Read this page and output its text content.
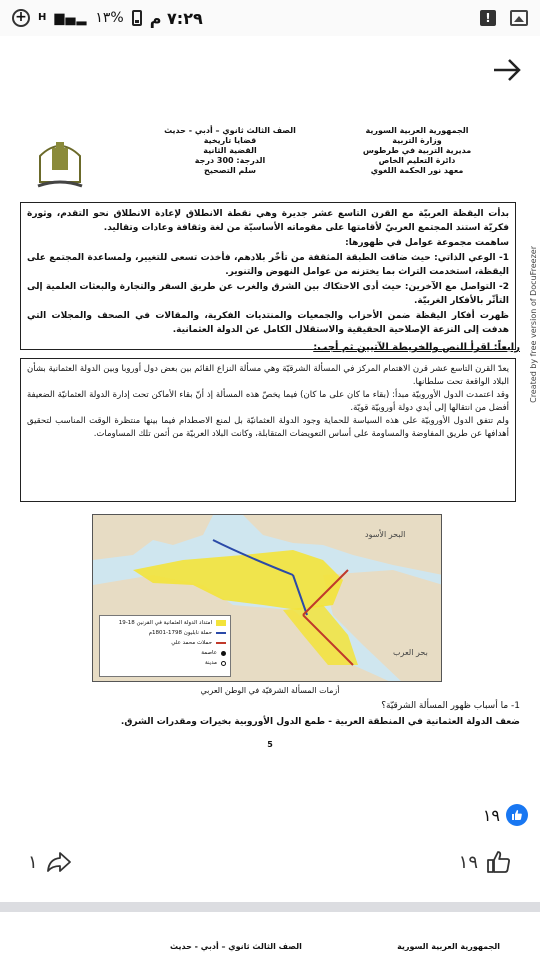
٧:٢٩ م
%١٣
▂▄▆
H
+	!
Created by free version of DocuFreezer
الجمهورية العربية السورية
وزارة التربية
مديرية التربية في طرطوس
دائرة التعليم الخاص
معهد نور الحكمة اللغوي
الصف الثالث ثانوي – أدبي - حديث
قضايا تاريخية
القضية الثانية
الدرجة: 300 درجة
سلم التصحيح

بدأت اليقظة العربيّة مع القرن التاسع عشر جديرة وهي نقطة الانطلاق لإعادة الانطلاق نحو التقدم، وثورة فكريّة استند المجتمع العربيّ لأقامتها على مقوماته الأساسيّة من لغة وثقافة وعادات وتقاليد.

ساهمت مجموعة عوامل في ظهورها:

1- الوعي الذاتي: حيث ضاقت الطبقة المثقفة من تأخّر بلادهم، فأخذت تسعى للتغيير، ولمساعدة المجتمع على اليقظة، استخدمت التراث بما يختزنه من عوامل النهوض والتنوير.

2- التواصل مع الآخرين: حيث أدى الاحتكاك بين الشرق والغرب عن طريق السفر والتجارة والبعثات العلمية إلى التأثّر بالأفكار الغربيّة.

ظهرت أفكار اليقظة ضمن الأحزاب والجمعيات والمنتديات الفكرية، والمقالات في الصحف والمجلات التي هدفت إلى النزعة الإصلاحية الحقيقية والاستقلال الكامل عن الدولة العثمانية.

رابعاً: اقرأ النص والخريطة الآتيين ثم أجب:

يعدّ القرن التاسع عشر قرن الاهتمام المركز في المسألة الشرقيّة وهي مسألة النزاع القائم بين بعض دول أوروبا وبين الدولة العثمانية بشأن البلاد الواقعة تحت سلطانها.

وقد اعتمدت الدول الأوروبيّة مبدأ: (بقاء ما كان على ما كان) فيما يخصّ هذه المسألة إذ أنّ بقاء الأماكن تحت إدارة الدولة العثمانيّة الضعيفة أفضل من انتقالها إلى أيدي دولة أوروبيّة قويّة.

ولم تتفق الدول الأوروبيّة على هذه السياسة للحماية وجود الدولة العثمانيّة بل لمنع الاصطدام فيما بينها منتظرة الوقت المناسب لتحقيق أهدافها عن طريق المفاوضة والمساومة على أساس التعويضات المتقابلة، وكانت البلاد العربيّة من أثمن تلك المساومات.

البحر الأسود
بحر العرب
امتداد الدولة العثمانية في القرنين 18-19
حملة نابليون 1798-1801م
حملات محمد علي
عاصمة
مدينة
أزمات المسألة الشرقيّة في الوطن العربي
1- ما أسباب ظهور المسألة الشرقيّة؟
ضعف الدولة العثمانية في المنطقة العربية - طمع الدول الأوروبية بخيرات ومقدرات الشرق.
5
١٩
١	١٩
الجمهورية العربية السورية
الصف الثالث ثانوي – أدبي - حديث
